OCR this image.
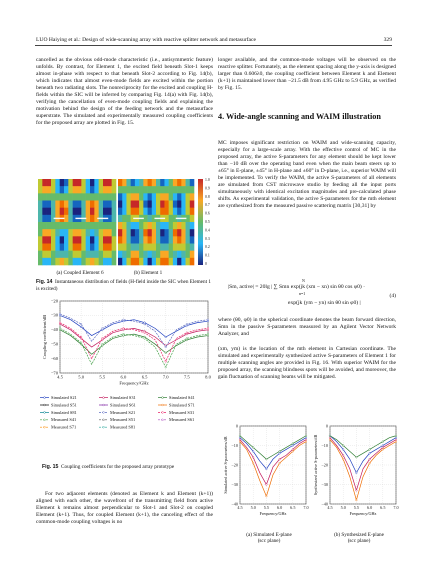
LUO Haiying et al.: Design of wide-scanning array with reactive splitter network and metasurface	329

cancelled as the obvious odd-mode characteristic (i.e., antisymmetric feature) unfolds. By contrast, for Element 1, the excited field beneath Slot-1 keeps almost in-phase with respect to that beneath Slot-2 according to Fig. 14(b), which indicates that almost even-mode fields are excited within the portion beneath two radiating slots. The nonreciprocity for the excited and coupling H-fields within the SIC will be inferred by comparing Fig. 14(a) with Fig. 14(b), verifying the cancellation of even-mode coupling fields and explaining the motivation behind the design of the feeding network and the metasurface superstrate. The simulated and experimentally measured coupling coefficients for the proposed array are plotted in Fig. 15.

1.0
0.9
0.8
0.7
0.6
0.5
0.4
0.3
0.2
0.1
0
(a) Coupled Element 6	(b) Element 1
Fig. 14 Instantaneous distribution of fields (H-field inside the SIC when Element 1 is excited)
−20
−30
−40
−50
−60
−70
4.5	5.0	5.5	6.0	6.5	7.0	7.5	8.0
Frequency/GHz
Coupling coefficient/dB
Simulated S21	Simulated S31	Simulated S41
Simulated S51	Simulated S61	Simulated S71
Simulated S81	Measured S21	Measured S31
Measured S41	Measured S51	Measured S61
Measured S71	Measured S81
Fig. 15 Coupling coefficients for the proposed array prototype

For two adjacent elements (denoted as Element k and Element (k+1)) aligned with each other, the wavefront of the transmitting field from active Element k remains almost perpendicular to Slot-1 and Slot-2 on coupled Element (k+1). Thus, for coupled Element (k+1), the canceling effect of the common-mode coupling voltages is no

longer available, and the common-mode voltages will be observed on the reactive splitter. Fortunately, as the element spacing along the y-axis is designed larger than 0.606λ0, the coupling coefficient between Element k and Element (k+1) is maintained lower than −21.5 dB from 4.95 GHz to 5.9 GHz, as verified by Fig. 15.

4. Wide-angle scanning and WAIM illustration

MC imposes significant restriction on WAIM and wide-scanning capacity, especially for a large-scale array. With the effective control of MC in the proposed array, the active S-parameters for any element should be kept lower than −10 dB over the operating band even when the main beam steers up to ±65° in E-plane, ±45° in H-plane and ±60° in D-plane, i.e., superior WAIM will be implemented. To verify the WAIM, the active S-parameters of all elements are simulated from CST microwave studio by feeding all the input ports simultaneously with identical excitation magnitudes and pre-calculated phase shifts. As experimental validation, the active S-parameters for the mth element are synthesized from the measured passive scattering matrix [30,31] by

|Sm, active| = 20lg | ∑ Smn exp(jk (xm − xn) sin θ0 cos φ0) ·
N
n=1
exp(jk (ym − yn) sin θ0 sin φ0) |
(4)

where (θ0, φ0) in the spherical coordinate denotes the beam forward direction, Smn in the passive S-parameters measured by an Agilent Vector Network Analyzer, and

(xm, ym) is the location of the mth element in Cartesian coordinate. The simulated and experimentally synthesized active S-parameters of Element 1 for multiple scanning angles are provided in Fig. 16. With superior WAIM for the proposed array, the scanning blindness spots will be avoided, and moreover, the gain fluctuation of scanning beams will be mitigated.

0
−10
−20
−30
−40
4.5 5.0 5.5 6.0 6.5 7.0
Frequency/GHz
Simulated active S-parameters/dB
0
−10
−20
−30
−40
4.5 5.0 5.5 6.0 6.5 7.0
Frequency/GHz
Synthesized active S-parameters/dB
(a) Simulated E-plane
(scc plane)
(b) Synthesized E-plane
(scc plane)
